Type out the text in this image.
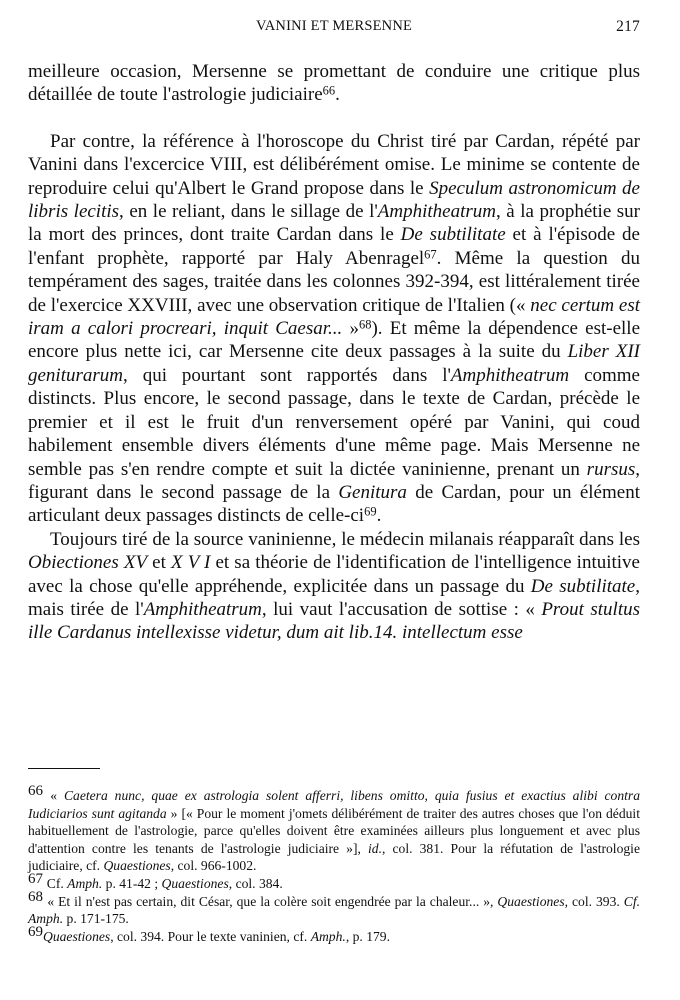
VANINI ET MERSENNE	217

meilleure occasion, Mersenne se promettant de conduire une critique plus détaillée de toute l'astrologie judiciaire$^{66}$.

Par contre, la référence à l'horoscope du Christ tiré par Cardan, répété par Vanini dans l'excercice VIII, est délibérément omise. Le minime se contente de reproduire celui qu'Albert le Grand propose dans le Speculum astronomicum de libris lecitis, en le reliant, dans le sillage de l'Amphitheatrum, à la prophétie sur la mort des princes, dont traite Cardan dans le De subtilitate et à l'épisode de l'enfant prophète, rapporté par Haly Abenragel$^{67}$. Même la question du tempérament des sages, traitée dans les colonnes 392-394, est littéralement tirée de l'exercice XXVIII, avec une observation critique de l'Italien (« nec certum est iram a calori procreari, inquit Caesar... »$^{68}$). Et même la dépendence est-elle encore plus nette ici, car Mersenne cite deux passages à la suite du Liber XII geniturarum, qui pourtant sont rapportés dans l'Amphitheatrum comme distincts. Plus encore, le second passage, dans le texte de Cardan, précède le premier et il est le fruit d'un renversement opéré par Vanini, qui coud habilement ensemble divers éléments d'une même page. Mais Mersenne ne semble pas s'en rendre compte et suit la dictée vaninienne, prenant un rursus, figurant dans le second passage de la Genitura de Cardan, pour un élément articulant deux passages distincts de celle-$ci^{69}$.

Toujours tiré de la source vaninienne, le médecin milanais réapparaît dans les Obiectiones XV et X V I et sa théorie de l'identification de l'intelligence intuitive avec la chose qu'elle appréhende, explicitée dans un passage du De subtilitate, mais tirée de l'Amphitheatrum, lui vaut l'accusation de sottise : « Prout stultus ille Cardanus intellexisse videtur, dum ait lib.14. intellectum esse

66 « Caetera nunc, quae ex astrologia solent afferri, libens omitto, quia fusius et exactius alibi contra Iudiciarios sunt agitanda » [« Pour le moment j'omets délibérément de traiter des autres choses que l'on déduit habituellement de l'astrologie, parce qu'elles doivent être examinées ailleurs plus longuement et avec plus d'attention contre les tenants de l'astrologie judiciaire »], id., col. 381. Pour la réfutation de l'astrologie judiciaire, cf. Quaestiones, col. 966-1002.

67 Cf. Amph. p. 41-42 ; Quaestiones, col. 384.

68 « Et il n'est pas certain, dit César, que la colère soit engendrée par la chaleur... », Quaestiones, col. 393. Cf. Amph. p. 171-175.

69Quaestiones, col. 394. Pour le texte vaninien, cf. Amph., p. 179.
